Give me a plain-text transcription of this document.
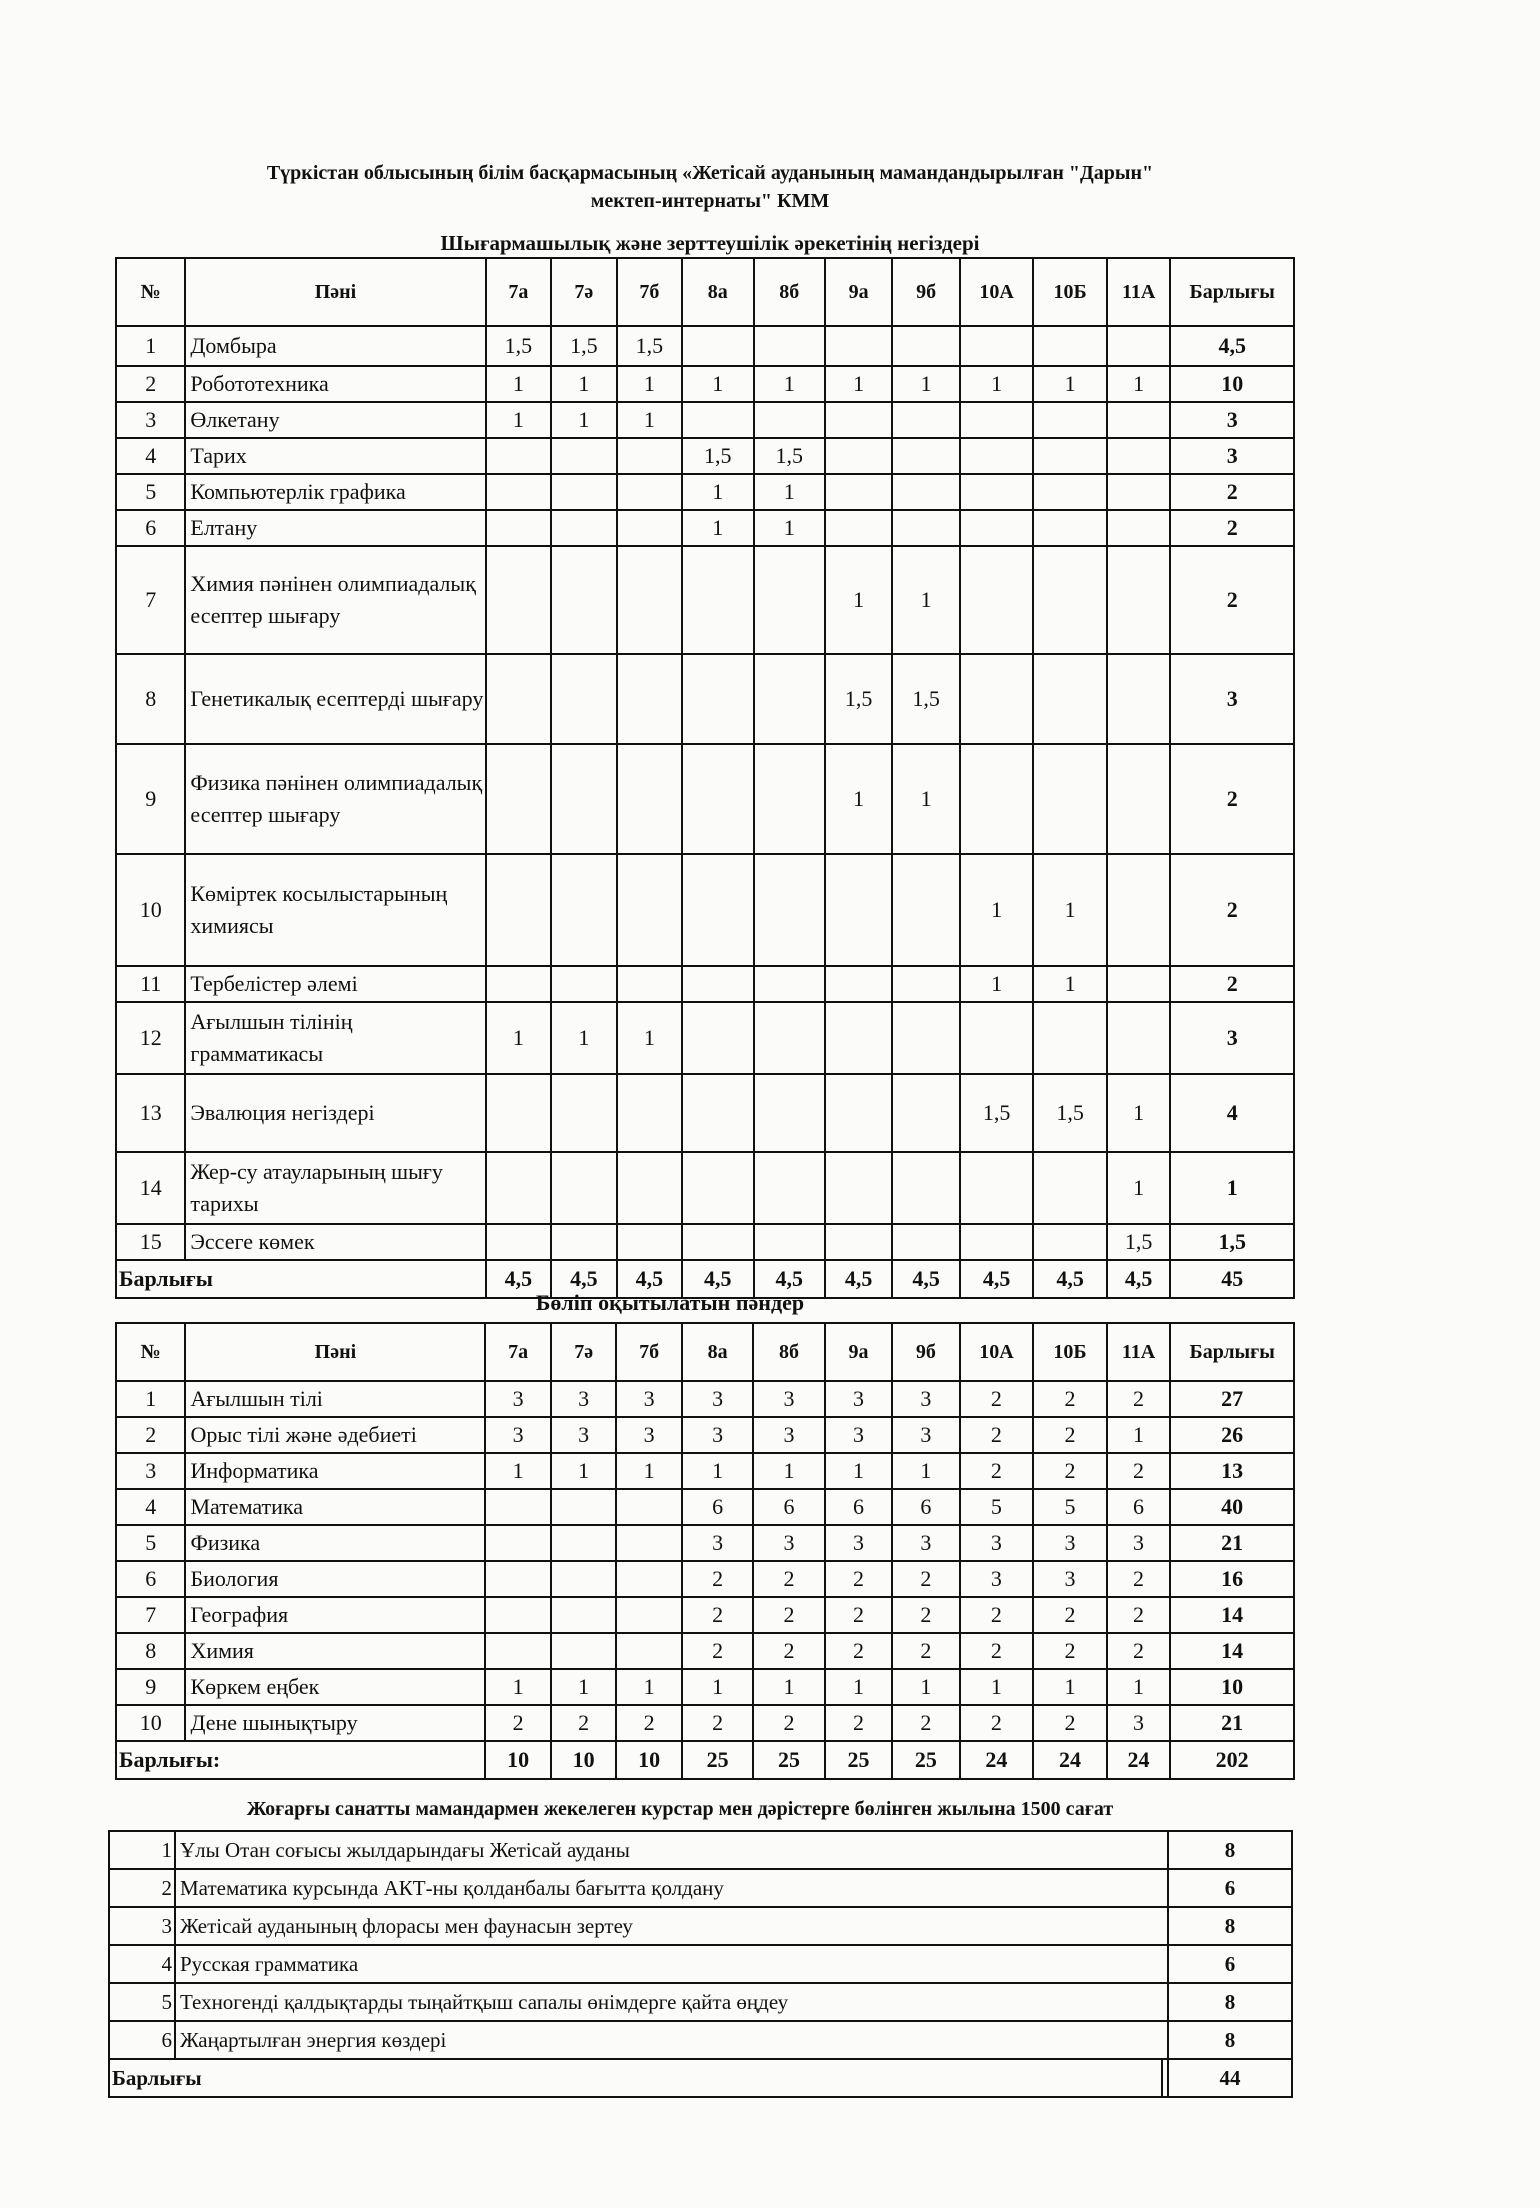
Түркістан облысының білім басқармасының «Жетісай ауданының мамандандырылған "Дарын"
мектеп-интернаты" КММ
Шығармашылық және зерттеушілік әрекетінің негіздері
№	Пәні	7а	7ә	7б	8а	8б	9а	9б	10А	10Б	11А	Барлығы
1	Домбыра	1,5	1,5	1,5								4,5
2	Робототехника	1	1	1	1	1	1	1	1	1	1	10
3	Өлкетану	1	1	1								3
4	Тарих				1,5	1,5						3
5	Компьютерлік графика				1	1						2
6	Елтану				1	1						2
7	Химия пәнінен олимпиадалық есептер шығару						1	1				2
8	Генетикалық есептерді шығару						1,5	1,5				3
9	Физика пәнінен олимпиадалық есептер шығару						1	1				2
10	Көміртек косылыстарының химиясы								1	1		2
11	Тербелістер әлемі								1	1		2
12	Ағылшын тілінің грамматикасы	1	1	1								3
13	Эвалюция негіздері								1,5	1,5	1	4
14	Жер-су атауларының шығу тарихы										1	1
15	Эссеге көмек										1,5	1,5
Барлығы		4,5	4,5	4,5	4,5	4,5	4,5	4,5	4,5	4,5	4,5	45
Бөліп оқытылатын пәндер
№	Пәні	7а	7ә	7б	8а	8б	9а	9б	10А	10Б	11А	Барлығы
1	Ағылшын тілі	3	3	3	3	3	3	3	2	2	2	27
2	Орыс тілі және әдебиеті	3	3	3	3	3	3	3	2	2	1	26
3	Информатика	1	1	1	1	1	1	1	2	2	2	13
4	Математика				6	6	6	6	5	5	6	40
5	Физика				3	3	3	3	3	3	3	21
6	Биология				2	2	2	2	3	3	2	16
7	География				2	2	2	2	2	2	2	14
8	Химия				2	2	2	2	2	2	2	14
9	Көркем еңбек	1	1	1	1	1	1	1	1	1	1	10
10	Дене шынықтыру	2	2	2	2	2	2	2	2	2	3	21
Барлығы:		10	10	10	25	25	25	25	24	24	24	202
Жоғарғы санатты мамандармен жекелеген курстар мен дәрістерге бөлінген жылына 1500 сағат
1	Ұлы Отан соғысы жылдарындағы Жетісай ауданы		8
2	Математика курсында АКТ-ны қолданбалы бағытта қолдану		6
3	Жетісай ауданының флорасы мен фаунасын зертеу		8
4	Русская грамматика		6
5	Техногенді қалдықтарды тыңайтқыш сапалы өнімдерге қайта өңдеу		8
6	Жаңартылған энергия көздері		8
Барлығы			44
